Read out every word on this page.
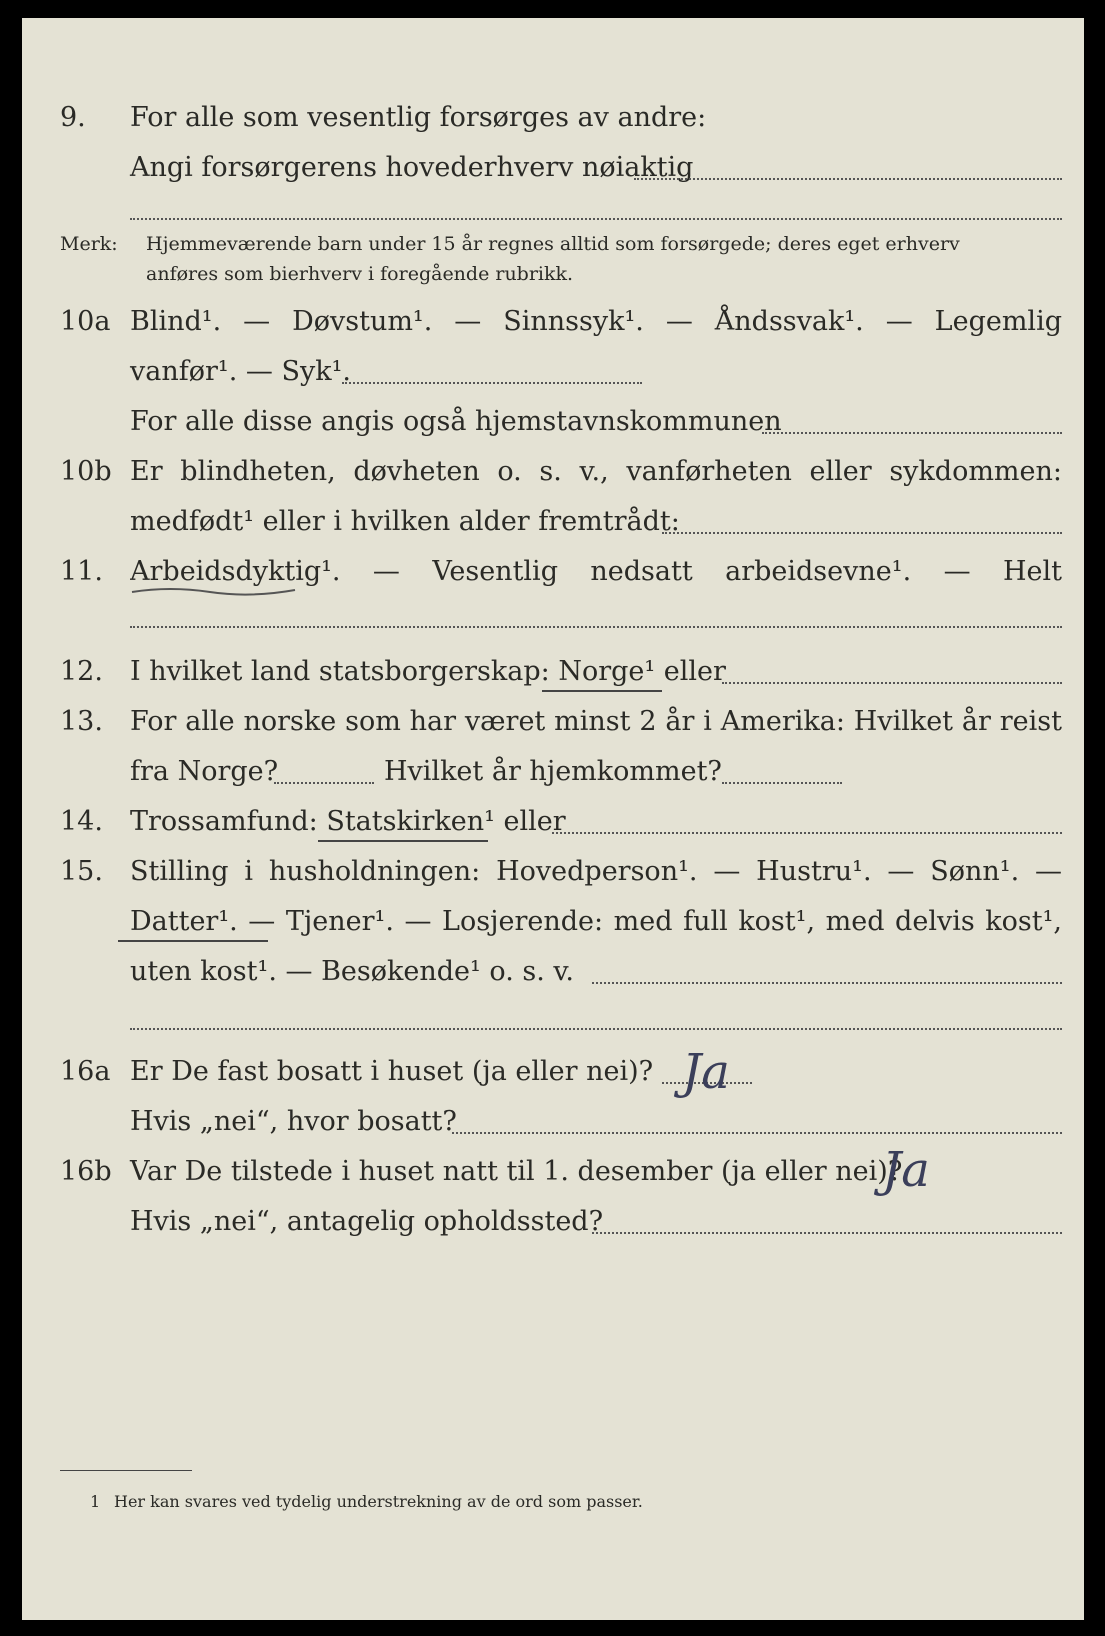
9. For alle som vesentlig forsørges av andre:
Angi forsørgerens hovederhverv nøiaktig
Merk: Hjemmeværende barn under 15 år regnes alltid som forsørgede; deres eget erhverv
anføres som bierhverv i foregående rubrikk.
10a Blind¹. — Døvstum¹. — Sinnssyk¹. — Åndssvak¹. — Legemlig
vanfør¹. — Syk¹.
For alle disse angis også hjemstavnskommunen
10b Er blindheten, døvheten o. s. v., vanførheten eller sykdommen:
medfødt¹ eller i hvilken alder fremtrådt:
11. Arbeidsdyktig¹. — Vesentlig nedsatt arbeidsevne¹. — Helt
12. I hvilket land statsborgerskap: Norge¹ eller
13. For alle norske som har været minst 2 år i Amerika: Hvilket år reist
fra Norge?	Hvilket år hjemkommet?
14. Trossamfund: Statskirken¹ eller
15. Stilling i husholdningen: Hovedperson¹. — Hustru¹. — Sønn¹. —
Datter¹. — Tjener¹. — Losjerende: med full kost¹, med delvis kost¹,
uten kost¹. — Besøkende¹ o. s. v.
16a Er De fast bosatt i huset (ja eller nei)? Ja
Hvis „nei“, hvor bosatt?
16b Var De tilstede i huset natt til 1. desember (ja eller nei)?
Ja
Hvis „nei“, antagelig opholdssted?
1 Her kan svares ved tydelig understrekning av de ord som passer.
